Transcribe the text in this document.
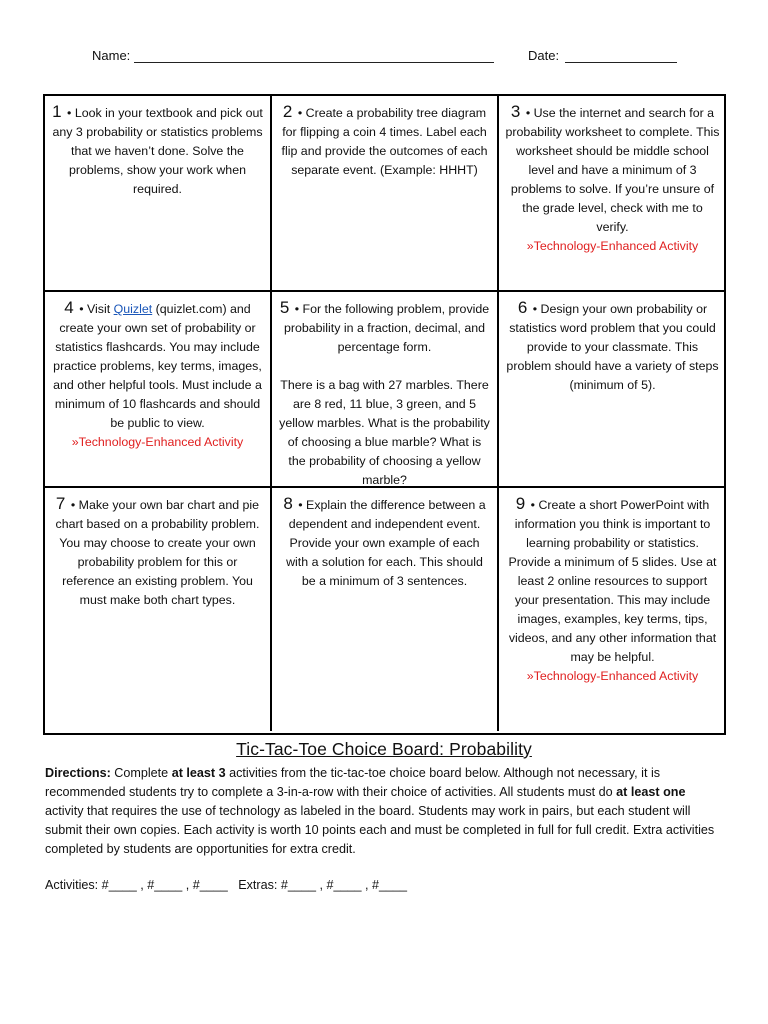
Name:	Date:
1 • Look in your textbook and pick out any 3 probability or statistics problems that we haven’t done. Solve the problems, show your work when required.
2 • Create a probability tree diagram for flipping a coin 4 times. Label each flip and provide the outcomes of each separate event. (Example: HHHT)
3 • Use the internet and search for a probability worksheet to complete. This worksheet should be middle school level and have a minimum of 3 problems to solve. If you’re unsure of the grade level, check with me to verify.
»Technology-Enhanced Activity
4 • Visit Quizlet (quizlet.com) and create your own set of probability or statistics flashcards. You may include practice problems, key terms, images, and other helpful tools. Must include a minimum of 10 flashcards and should be public to view.
»Technology-Enhanced Activity
5 • For the following problem, provide probability in a fraction, decimal, and percentage form.
There is a bag with 27 marbles. There are 8 red, 11 blue, 3 green, and 5 yellow marbles. What is the probability of choosing a blue marble? What is the probability of choosing a yellow marble?
6 • Design your own probability or statistics word problem that you could provide to your classmate. This problem should have a variety of steps (minimum of 5).
7 • Make your own bar chart and pie chart based on a probability problem. You may choose to create your own probability problem for this or reference an existing problem. You must make both chart types.
8 • Explain the difference between a dependent and independent event. Provide your own example of each with a solution for each. This should be a minimum of 3 sentences.
9 • Create a short PowerPoint with information you think is important to learning probability or statistics. Provide a minimum of 5 slides. Use at least 2 online resources to support your presentation. This may include images, examples, key terms, tips, videos, and any other information that may be helpful.
»Technology-Enhanced Activity
Tic-Tac-Toe Choice Board: Probability
Directions: Complete at least 3 activities from the tic-tac-toe choice board below. Although not necessary, it is recommended students try to complete a 3-in-a-row with their choice of activities. All students must do at least one activity that requires the use of technology as labeled in the board. Students may work in pairs, but each student will submit their own copies. Each activity is worth 10 points each and must be completed in full for full credit. Extra activities completed by students are opportunities for extra credit.
Activities: #____ , #____ , #____   Extras: #____ , #____ , #____
